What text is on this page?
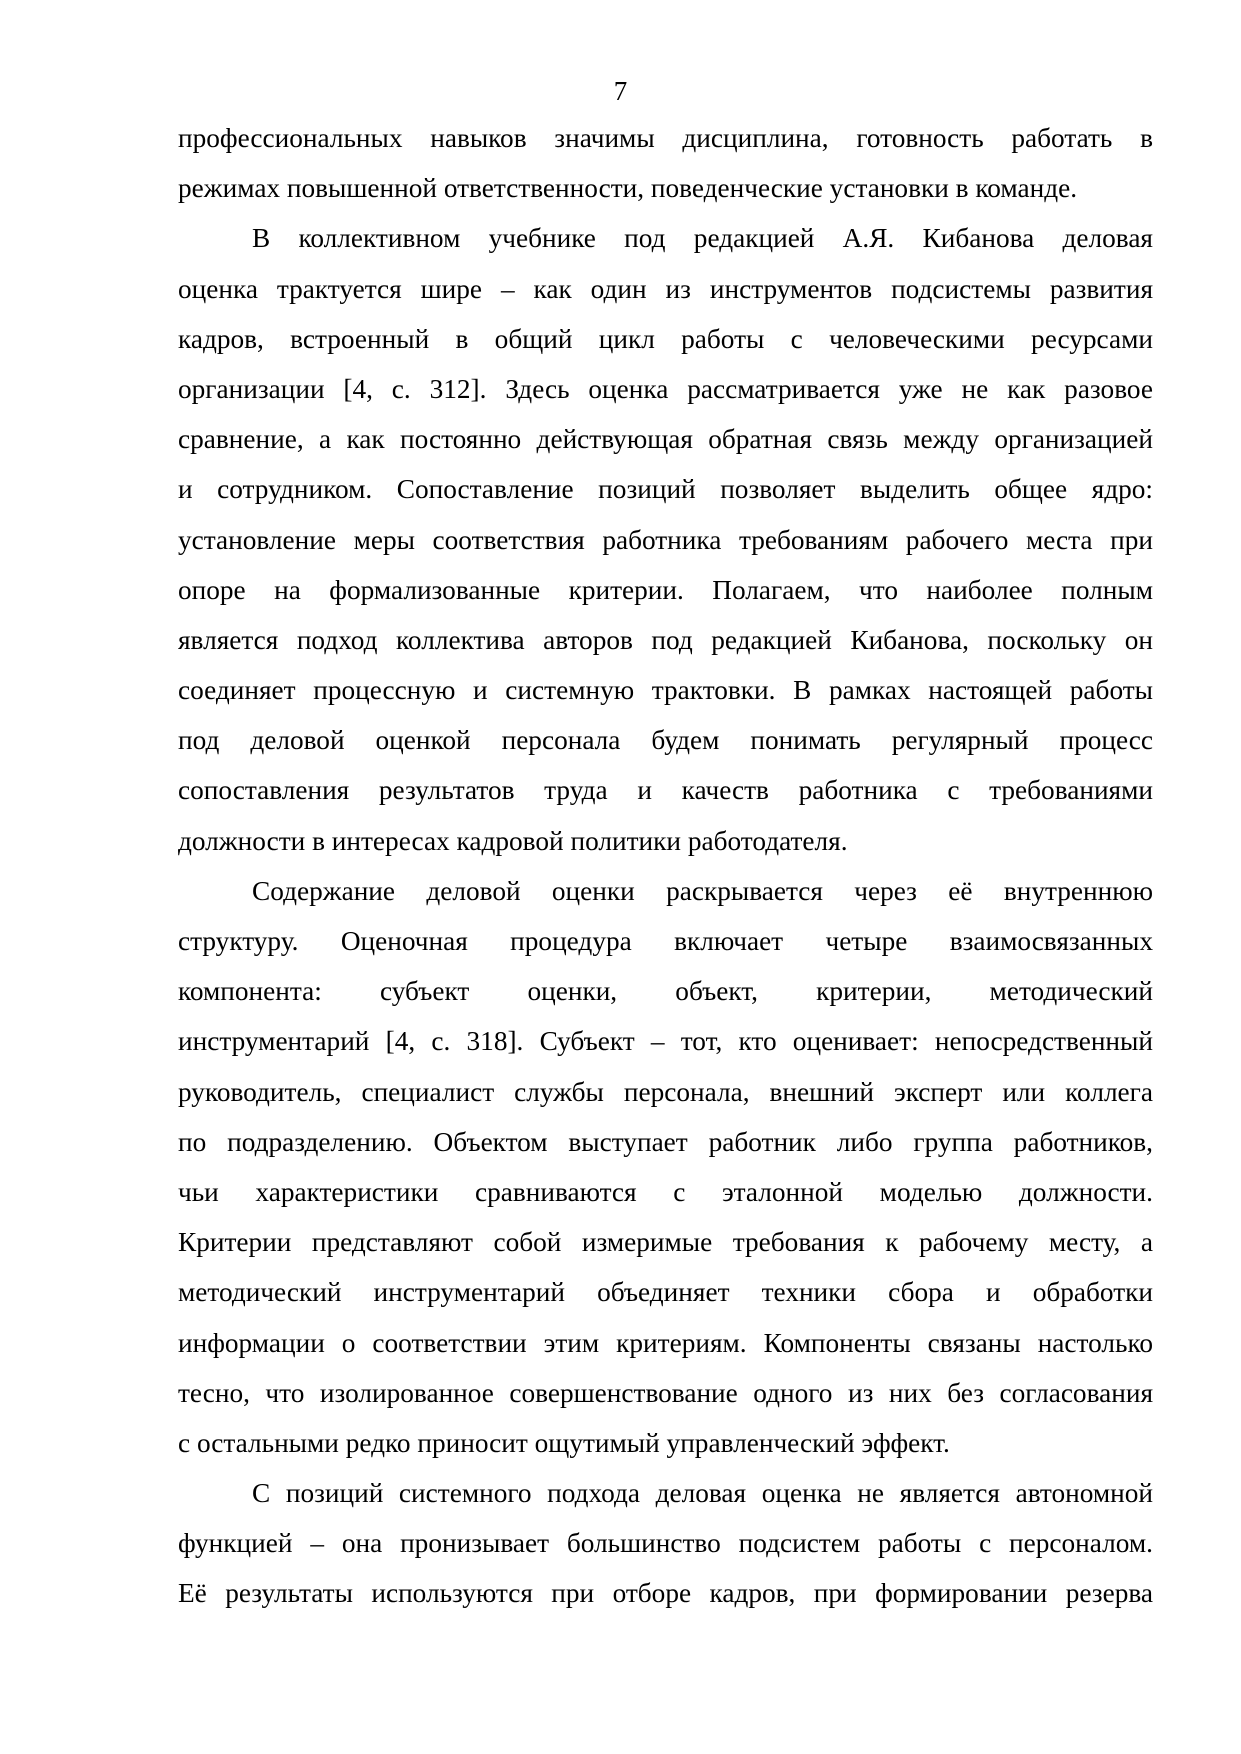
7
профессиональных навыков значимы дисциплина, готовность работать в
режимах повышенной ответственности, поведенческие установки в команде.
В коллективном учебнике под редакцией А.Я. Кибанова деловая
оценка трактуется шире – как один из инструментов подсистемы развития
кадров, встроенный в общий цикл работы с человеческими ресурсами
организации [4, с. 312]. Здесь оценка рассматривается уже не как разовое
сравнение, а как постоянно действующая обратная связь между организацией
и сотрудником. Сопоставление позиций позволяет выделить общее ядро:
установление меры соответствия работника требованиям рабочего места при
опоре на формализованные критерии. Полагаем, что наиболее полным
является подход коллектива авторов под редакцией Кибанова, поскольку он
соединяет процессную и системную трактовки. В рамках настоящей работы
под деловой оценкой персонала будем понимать регулярный процесс
сопоставления результатов труда и качеств работника с требованиями
должности в интересах кадровой политики работодателя.
Содержание деловой оценки раскрывается через её внутреннюю
структуру. Оценочная процедура включает четыре взаимосвязанных
компонента: субъект оценки, объект, критерии, методический
инструментарий [4, с. 318]. Субъект – тот, кто оценивает: непосредственный
руководитель, специалист службы персонала, внешний эксперт или коллега
по подразделению. Объектом выступает работник либо группа работников,
чьи характеристики сравниваются с эталонной моделью должности.
Критерии представляют собой измеримые требования к рабочему месту, а
методический инструментарий объединяет техники сбора и обработки
информации о соответствии этим критериям. Компоненты связаны настолько
тесно, что изолированное совершенствование одного из них без согласования
с остальными редко приносит ощутимый управленческий эффект.
С позиций системного подхода деловая оценка не является автономной
функцией – она пронизывает большинство подсистем работы с персоналом.
Её результаты используются при отборе кадров, при формировании резерва
